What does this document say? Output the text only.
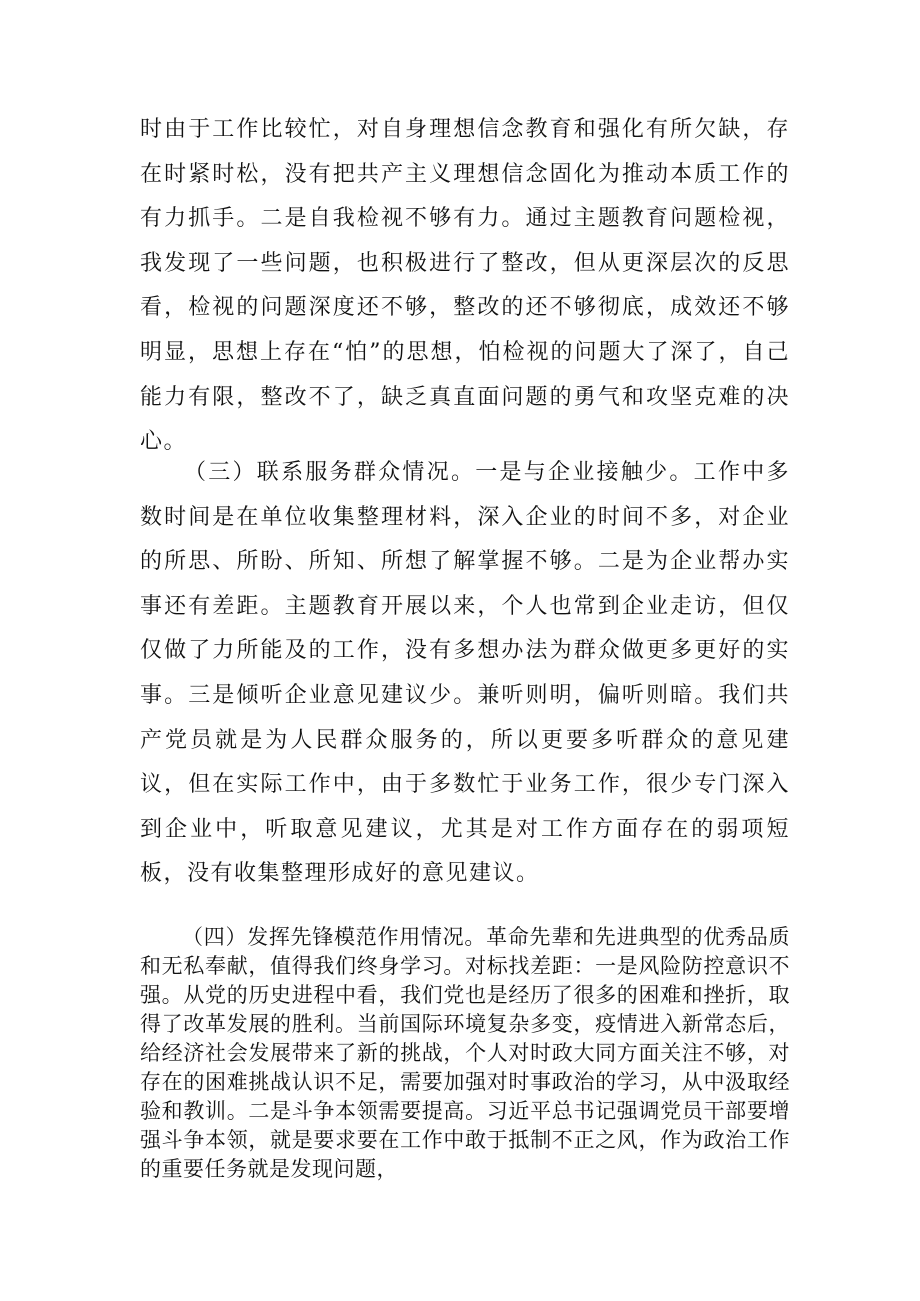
时由于工作比较忙，对自身理想信念教育和强化有所欠缺，存在时紧时松，没有把共产主义理想信念固化为推动本质工作的有力抓手。二是自我检视不够有力。通过主题教育问题检视，我发现了一些问题，也积极进行了整改，但从更深层次的反思看，检视的问题深度还不够，整改的还不够彻底，成效还不够明显，思想上存在“怕”的思想，怕检视的问题大了深了，自己能力有限，整改不了，缺乏真直面问题的勇气和攻坚克难的决心。

（三）联系服务群众情况。一是与企业接触少。工作中多数时间是在单位收集整理材料，深入企业的时间不多，对企业的所思、所盼、所知、所想了解掌握不够。二是为企业帮办实事还有差距。主题教育开展以来，个人也常到企业走访，但仅仅做了力所能及的工作，没有多想办法为群众做更多更好的实事。三是倾听企业意见建议少。兼听则明，偏听则暗。我们共产党员就是为人民群众服务的，所以更要多听群众的意见建议，但在实际工作中，由于多数忙于业务工作，很少专门深入到企业中，听取意见建议，尤其是对工作方面存在的弱项短板，没有收集整理形成好的意见建议。

（四）发挥先锋模范作用情况。革命先辈和先进典型的优秀品质和无私奉献，值得我们终身学习。对标找差距：一是风险防控意识不强。从党的历史进程中看，我们党也是经历了很多的困难和挫折，取得了改革发展的胜利。当前国际环境复杂多变，疫情进入新常态后，给经济社会发展带来了新的挑战，个人对时政大同方面关注不够，对存在的困难挑战认识不足，需要加强对时事政治的学习，从中汲取经验和教训。二是斗争本领需要提高。习近平总书记强调党员干部要增强斗争本领，就是要求要在工作中敢于抵制不正之风，作为政治工作的重要任务就是发现问题，
